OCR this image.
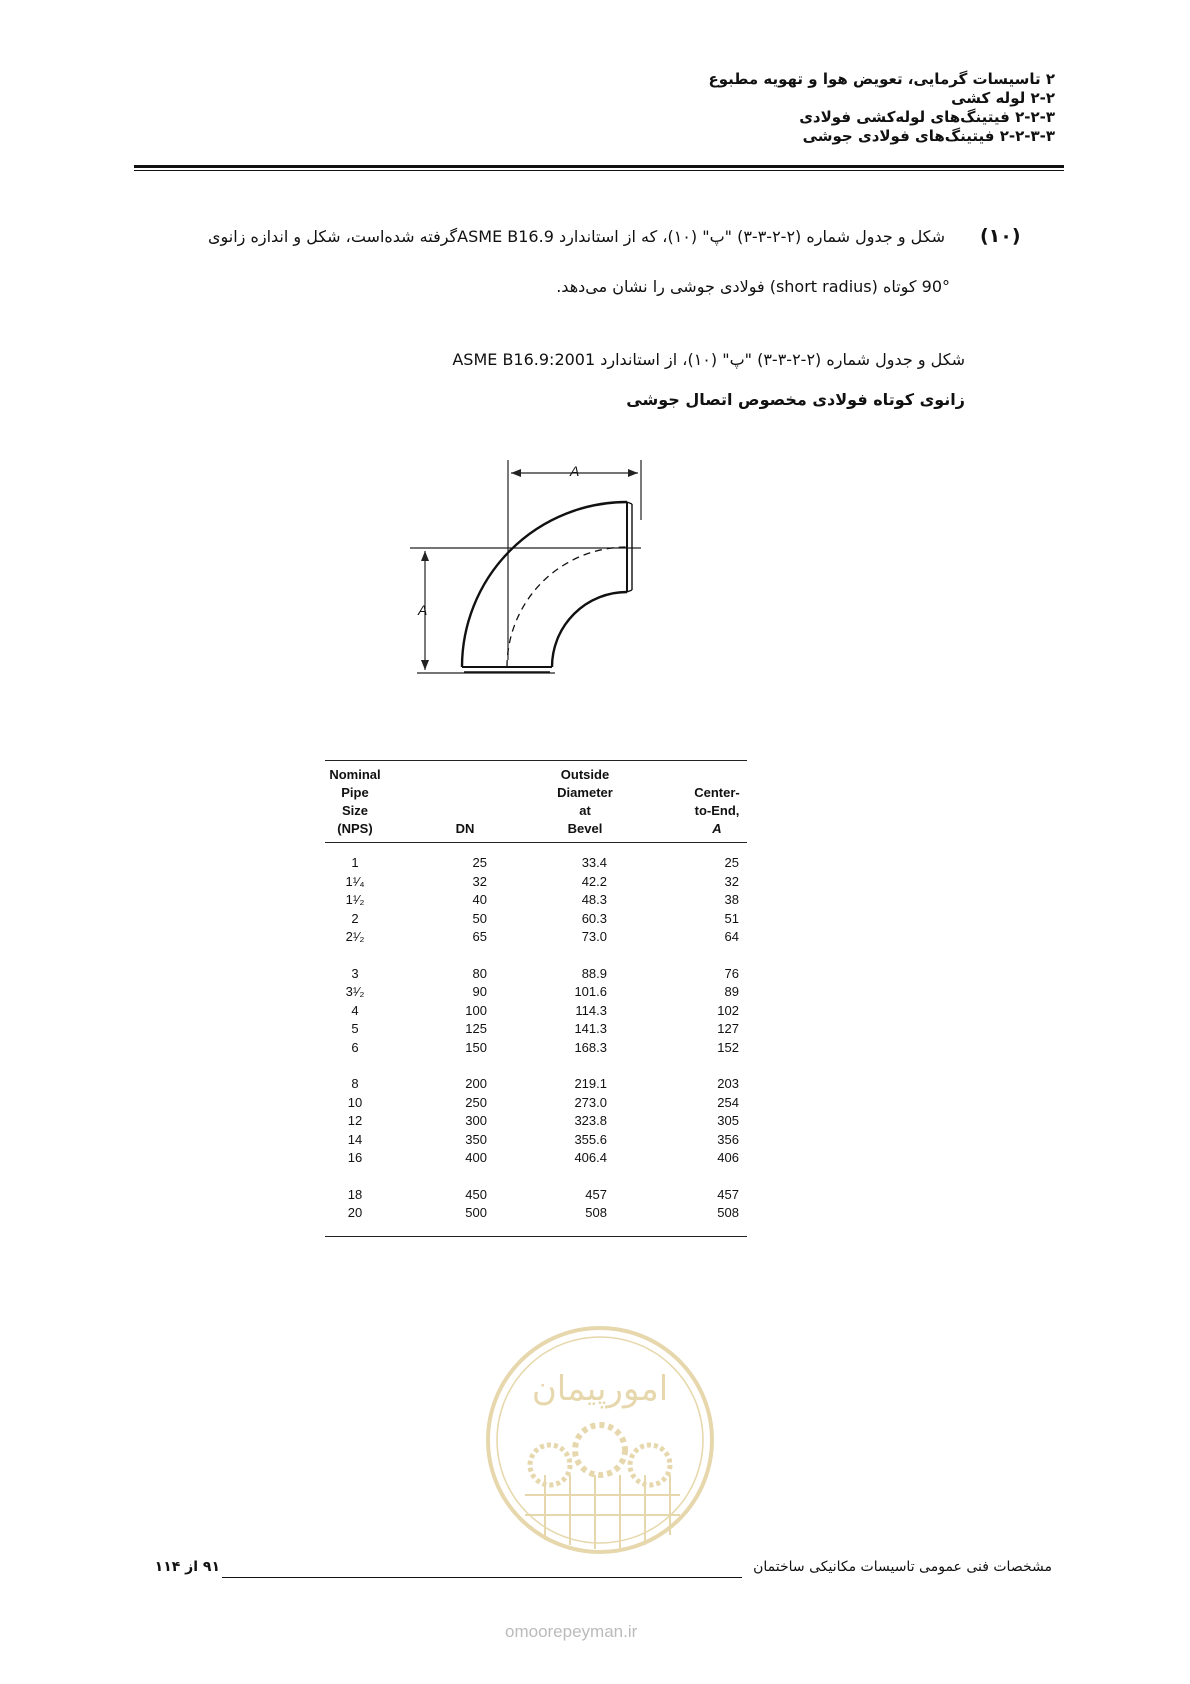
۲ تاسیسات گرمایی، تعویض هوا و تهویه مطبوع
۲-۲ لوله کشی
۲-۲-۳ فیتینگ‌های لوله‌کشی فولادی
۲-۲-۳-۳ فیتینگ‌های فولادی جوشی
(۱۰)
شکل و جدول شماره (۲-۲-۳-۳) "پ" (۱۰)، که از استاندارد ASME B16.9گرفته شده‌است، شکل و اندازه زانوی
90° کوتاه (short radius) فولادی جوشی را نشان می‌دهد.
شکل و جدول شماره (۲-۲-۳-۳) "پ" (۱۰)، از استاندارد ASME B16.9:2001
زانوی کوتاه فولادی مخصوص اتصال جوشی
A
A
Nominal
Pipe
Size
(NPS)	DN
Outside
Diameter
at
Bevel
Center-
to-End,
A
1	25	33.4	25
1¹⁄₄	32	42.2	32
1¹⁄₂	40	48.3	38
2	50	60.3	51
2¹⁄₂	65	73.0	64
3	80	88.9	76
3¹⁄₂	90	101.6	89
4	100	114.3	102
5	125	141.3	127
6	150	168.3	152
8	200	219.1	203
10	250	273.0	254
12	300	323.8	305
14	350	355.6	356
16	400	406.4	406
18	450	457	457
20	500	508	508
امورپیمان
omoorepeyman.ir
مشخصات فنی عمومی تاسیسات مکانیکی ساختمان
۹۱ از ۱۱۴
